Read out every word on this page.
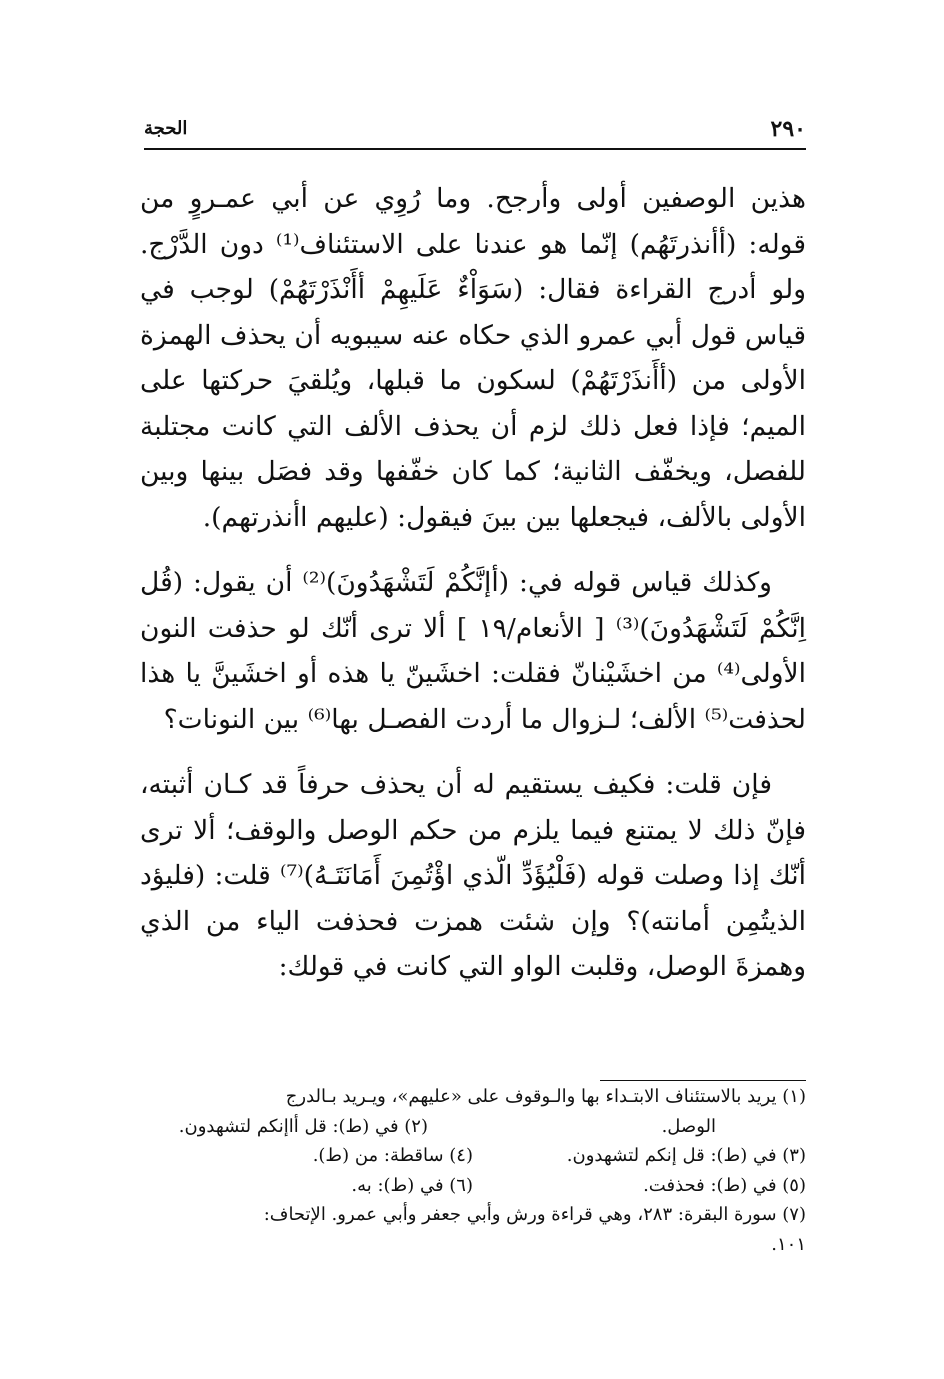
٢٩٠
الحجة

هذين الوصفين أولى وأرجح. وما رُوِي عن أبي عمـروٍ من قوله: (أأنذرتَهُم) إنّما هو عندنا على الاستئناف⁽¹⁾ دون الدَّرْج. ولو أدرج القراءة فقال: (سَوَاْءٌ عَلَيهِمْ أأَنْذَرْتَهُمْ) لوجب في قياس قول أبي عمرو الذي حكاه عنه سيبويه أن يحذف الهمزة الأولى من (أأَنذَرْتَهُمْ) لسكون ما قبلها، ويُلقيَ حركتها على الميم؛ فإذا فعل ذلك لزم أن يحذف الألف التي كانت مجتلبة للفصل، ويخفّف الثانية؛ كما كان خفّفها وقد فصَل بينها وبين الأولى بالألف، فيجعلها بين بينَ فيقول: (عليهم اأنذرتهم).

وكذلك قياس قوله في: (أإنَّكُمْ لَتَشْهَدُونَ)⁽²⁾ أن يقول: (قُل اِنَّكُمْ لَتَشْهَدُونَ)⁽³⁾ [ الأنعام/١٩ ] ألا ترى أنّك لو حذفت النون الأولى⁽⁴⁾ من اخشَيْنانّ فقلت: اخشَينّ يا هذه أو اخشَينَّ يا هذا لحذفت⁽⁵⁾ الألف؛ لـزوال ما أردت الفصـل بها⁽⁶⁾ بين النونات؟

فإن قلت: فكيف يستقيم له أن يحذف حرفاً قد كـان أثبته، فإنّ ذلك لا يمتنع فيما يلزم من حكم الوصل والوقف؛ ألا ترى أنّك إذا وصلت قوله (فَلْيُؤَدِّ الّذي اؤْتُمِنَ أَمَانَتَـهُ)⁽⁷⁾ قلت: (فليؤد الذيتُمِن أمانته)؟ وإن شئت همزت فحذفت الياء من الذي وهمزةَ الوصل، وقلبت الواو التي كانت في قولك:

(١) يريد بالاستئناف الابتـداء بها والـوقوف على «عليهم»، ويـريد بـالدرج
الوصل.
(٢) في (ط): قل أاإنكم لتشهدون.
(٣) في (ط): قل إنكم لتشهدون.
(٤) ساقطة: من (ط).
(٥) في (ط): فحذفت.
(٦) في (ط): به.
(٧) سورة البقرة: ٢٨٣، وهي قراءة ورش وأبي جعفر وأبي عمرو. الإتحاف:
١٠١.
